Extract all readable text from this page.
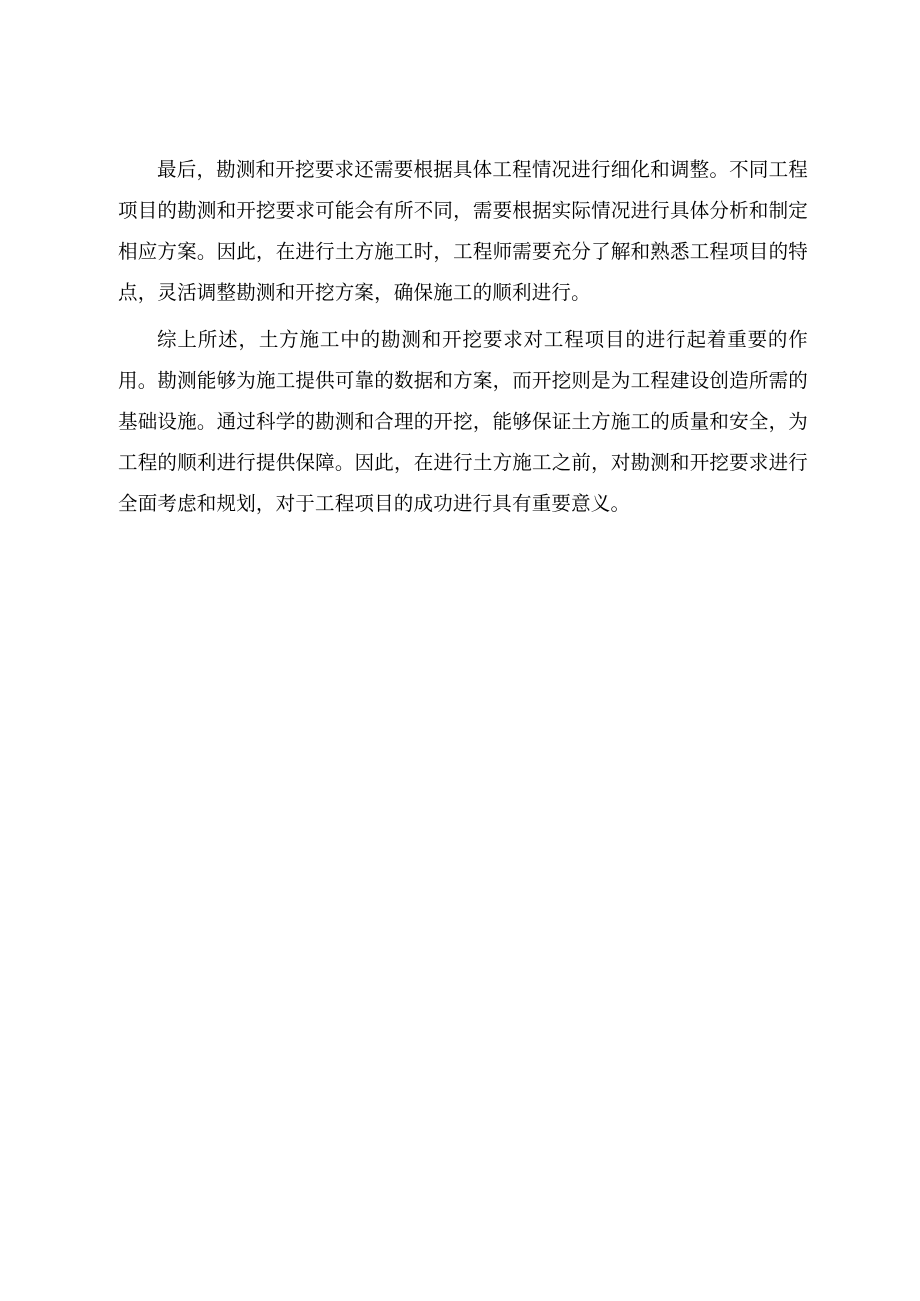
最后，勘测和开挖要求还需要根据具体工程情况进行细化和调整。不同工程项目的勘测和开挖要求可能会有所不同，需要根据实际情况进行具体分析和制定相应方案。因此，在进行土方施工时，工程师需要充分了解和熟悉工程项目的特点，灵活调整勘测和开挖方案，确保施工的顺利进行。

综上所述，土方施工中的勘测和开挖要求对工程项目的进行起着重要的作用。勘测能够为施工提供可靠的数据和方案，而开挖则是为工程建设创造所需的基础设施。通过科学的勘测和合理的开挖，能够保证土方施工的质量和安全，为工程的顺利进行提供保障。因此，在进行土方施工之前，对勘测和开挖要求进行全面考虑和规划，对于工程项目的成功进行具有重要意义。
